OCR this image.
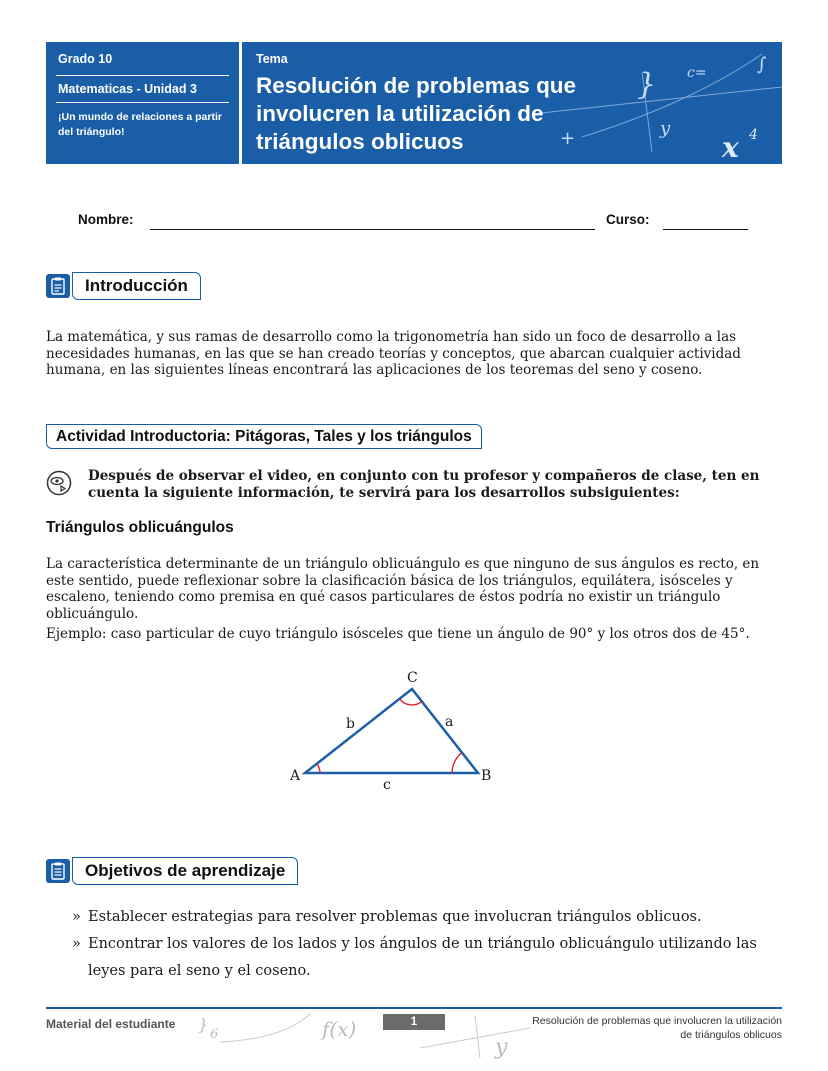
Grado 10
Matematicas - Unidad 3
¡Un mundo de relaciones a partir del triángulo!
} c=	∫
y
+	x 4
Tema
Resolución de problemas que involucren la utilización de triángulos oblicuos
Nombre:	Curso:
Introducción
La matemática, y sus ramas de desarrollo como la trigonometría han sido un foco de desarrollo a las necesidades humanas, en las que se han creado teorías y conceptos, que abarcan cualquier actividad humana, en las siguientes líneas encontrará las aplicaciones de los teoremas del seno y coseno.
Actividad Introductoria: Pitágoras, Tales y los triángulos
Después de observar el video, en conjunto con tu profesor y compañeros de clase, ten en cuenta la siguiente información, te servirá para los desarrollos subsiguientes:
Triángulos oblicuángulos
La característica determinante de un triángulo oblicuángulo es que ninguno de sus ángulos es recto, en este sentido, puede reflexionar sobre la clasificación básica de los triángulos, equilátera, isósceles y escaleno, teniendo como premisa en qué casos particulares de éstos podría no existir un triángulo oblicuángulo.
Ejemplo: caso particular de cuyo triángulo isósceles que tiene un ángulo de 90° y los otros dos de 45°.
C
A	B
b	a
c
Objetivos de aprendizaje
» Establecer estrategias para resolver problemas que involucran triángulos oblicuos.
» Encontrar los valores de los lados y los ángulos de un triángulo oblicuángulo utilizando las leyes para el seno y el coseno.
Material del estudiante }
6	f(x)
y
1	Resolución de problemas que involucren la utilización de triángulos oblicuos
